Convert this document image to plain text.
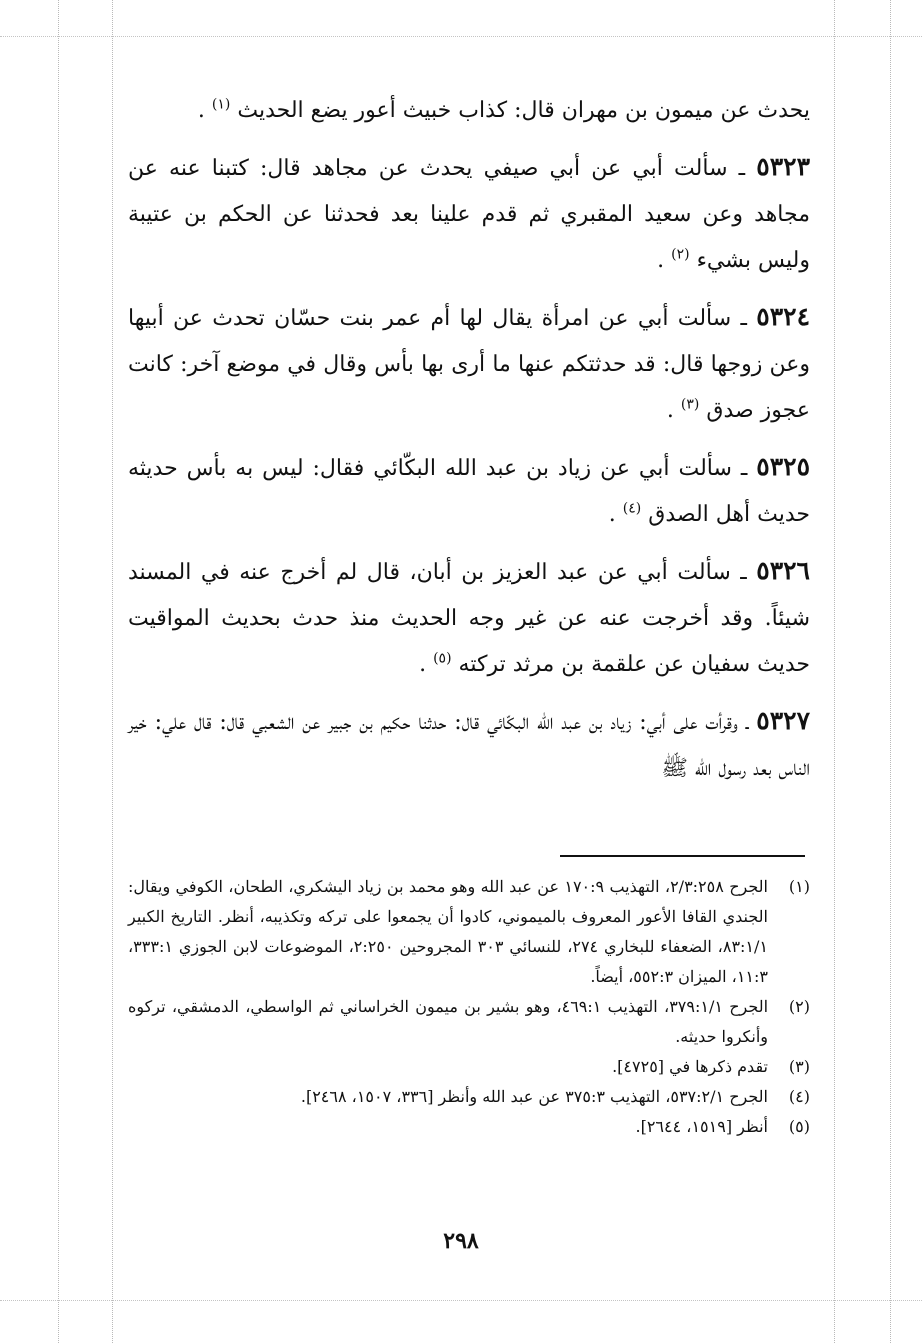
يحدث عن ميمون بن مهران قال: كذاب خبيث أعور يضع الحديث $^{(١)}$ .

٥٣٢٣ ـ سألت أبي عن أبي صيفي يحدث عن مجاهد قال: كتبنا عنه عن مجاهد وعن سعيد المقبري ثم قدم علينا بعد فحدثنا عن الحكم بن عتيبة وليس بشيء $^{(٢)}$ .

٥٣٢٤ ـ سألت أبي عن امرأة يقال لها أم عمر بنت حسّان تحدث عن أبيها وعن زوجها قال: قد حدثتكم عنها ما أرى بها بأس وقال في موضع آخر: كانت عجوز صدق $^{(٣)}$ .

٥٣٢٥ ـ سألت أبي عن زياد بن عبد الله البكّائي فقال: ليس به بأس حديثه حديث أهل الصدق $^{(٤)}$ .

٥٣٢٦ ـ سألت أبي عن عبد العزيز بن أبان، قال لم أخرج عنه في المسند شيئاً. وقد أخرجت عنه عن غير وجه الحديث منذ حدث بحديث المواقيت حديث سفيان عن علقمة بن مرثد تركته $^{(٥)}$ .

٥٣٢٧ ـ وقرأت على أبي: زياد بن عبد الله البكّائي قال: حدثنا حكيم بن جبير عن الشعبي قال: قال علي: خير الناس بعد رسول الله ﷺ

(١)
الجرح ٢/٣:٢٥٨، التهذيب ١٧٠:٩ عن عبد الله وهو محمد بن زياد اليشكري، الطحان، الكوفي ويقال: الجندي القافا الأعور المعروف بالميموني، كادوا أن يجمعوا على تركه وتكذيبه، أنظر. التاريخ الكبير ٨٣:١/١، الضعفاء للبخاري ٢٧٤، للنسائي ٣٠٣ المجروحين ٢:٢٥٠، الموضوعات لابن الجوزي ٣٣٣:١، ١١:٣، الميزان ٥٥٢:٣، أيضاً.
(٢)
الجرح ٣٧٩:١/١، التهذيب ٤٦٩:١، وهو بشير بن ميمون الخراساني ثم الواسطي، الدمشقي، تركوه وأنكروا حديثه.
(٣)
تقدم ذكرها في [٤٧٢٥].
(٤)
الجرح ٥٣٧:٢/١، التهذيب ٣٧٥:٣ عن عبد الله وأنظر [٣٣٦، ١٥٠٧، ٢٤٦٨].
(٥)
أنظر [١٥١٩، ٢٦٤٤].
٢٩٨
